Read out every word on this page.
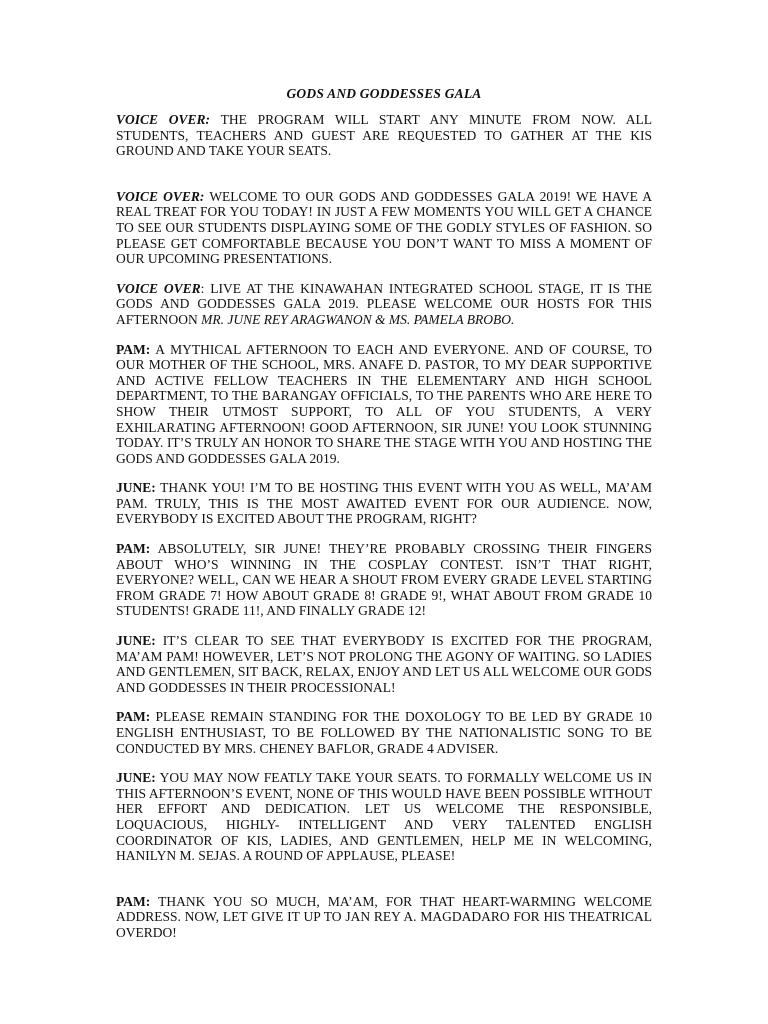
GODS AND GODDESSES GALA

VOICE OVER: THE PROGRAM WILL START ANY MINUTE FROM NOW. ALL STUDENTS, TEACHERS AND GUEST ARE REQUESTED TO GATHER AT THE KIS GROUND AND TAKE YOUR SEATS.

VOICE OVER: WELCOME TO OUR GODS AND GODDESSES GALA 2019! WE HAVE A REAL TREAT FOR YOU TODAY! IN JUST A FEW MOMENTS YOU WILL GET A CHANCE TO SEE OUR STUDENTS DISPLAYING SOME OF THE GODLY STYLES OF FASHION. SO PLEASE GET COMFORTABLE BECAUSE YOU DON’T WANT TO MISS A MOMENT OF OUR UPCOMING PRESENTATIONS.

VOICE OVER: LIVE AT THE KINAWAHAN INTEGRATED SCHOOL STAGE, IT IS THE GODS AND GODDESSES GALA 2019. PLEASE WELCOME OUR HOSTS FOR THIS AFTERNOON MR. JUNE REY ARAGWANON & MS. PAMELA BROBO.

PAM: A MYTHICAL AFTERNOON TO EACH AND EVERYONE. AND OF COURSE, TO OUR MOTHER OF THE SCHOOL, MRS. ANAFE D. PASTOR, TO MY DEAR SUPPORTIVE AND ACTIVE FELLOW TEACHERS IN THE ELEMENTARY AND HIGH SCHOOL DEPARTMENT, TO THE BARANGAY OFFICIALS, TO THE PARENTS WHO ARE HERE TO SHOW THEIR UTMOST SUPPORT, TO ALL OF YOU STUDENTS, A VERY EXHILARATING AFTERNOON! GOOD AFTERNOON, SIR JUNE! YOU LOOK STUNNING TODAY. IT’S TRULY AN HONOR TO SHARE THE STAGE WITH YOU AND HOSTING THE GODS AND GODDESSES GALA 2019.

JUNE: THANK YOU! I’M TO BE HOSTING THIS EVENT WITH YOU AS WELL, MA’AM PAM. TRULY, THIS IS THE MOST AWAITED EVENT FOR OUR AUDIENCE. NOW, EVERYBODY IS EXCITED ABOUT THE PROGRAM, RIGHT?

PAM: ABSOLUTELY, SIR JUNE! THEY’RE PROBABLY CROSSING THEIR FINGERS ABOUT WHO’S WINNING IN THE COSPLAY CONTEST. ISN’T THAT RIGHT, EVERYONE? WELL, CAN WE HEAR A SHOUT FROM EVERY GRADE LEVEL STARTING FROM GRADE 7! HOW ABOUT GRADE 8! GRADE 9!, WHAT ABOUT FROM GRADE 10 STUDENTS! GRADE 11!, AND FINALLY GRADE 12!

JUNE: IT’S CLEAR TO SEE THAT EVERYBODY IS EXCITED FOR THE PROGRAM, MA’AM PAM! HOWEVER, LET’S NOT PROLONG THE AGONY OF WAITING. SO LADIES AND GENTLEMEN, SIT BACK, RELAX, ENJOY AND LET US ALL WELCOME OUR GODS AND GODDESSES IN THEIR PROCESSIONAL!

PAM: PLEASE REMAIN STANDING FOR THE DOXOLOGY TO BE LED BY GRADE 10 ENGLISH ENTHUSIAST, TO BE FOLLOWED BY THE NATIONALISTIC SONG TO BE CONDUCTED BY MRS. CHENEY BAFLOR, GRADE 4 ADVISER.

JUNE: YOU MAY NOW FEATLY TAKE YOUR SEATS. TO FORMALLY WELCOME US IN THIS AFTERNOON’S EVENT, NONE OF THIS WOULD HAVE BEEN POSSIBLE WITHOUT HER EFFORT AND DEDICATION. LET US WELCOME THE RESPONSIBLE, LOQUACIOUS, HIGHLY- INTELLIGENT AND VERY TALENTED ENGLISH COORDINATOR OF KIS, LADIES, AND GENTLEMEN, HELP ME IN WELCOMING, HANILYN M. SEJAS. A ROUND OF APPLAUSE, PLEASE!

PAM: THANK YOU SO MUCH, MA’AM, FOR THAT HEART-WARMING WELCOME ADDRESS. NOW, LET GIVE IT UP TO JAN REY A. MAGDADARO FOR HIS THEATRICAL OVERDO!
